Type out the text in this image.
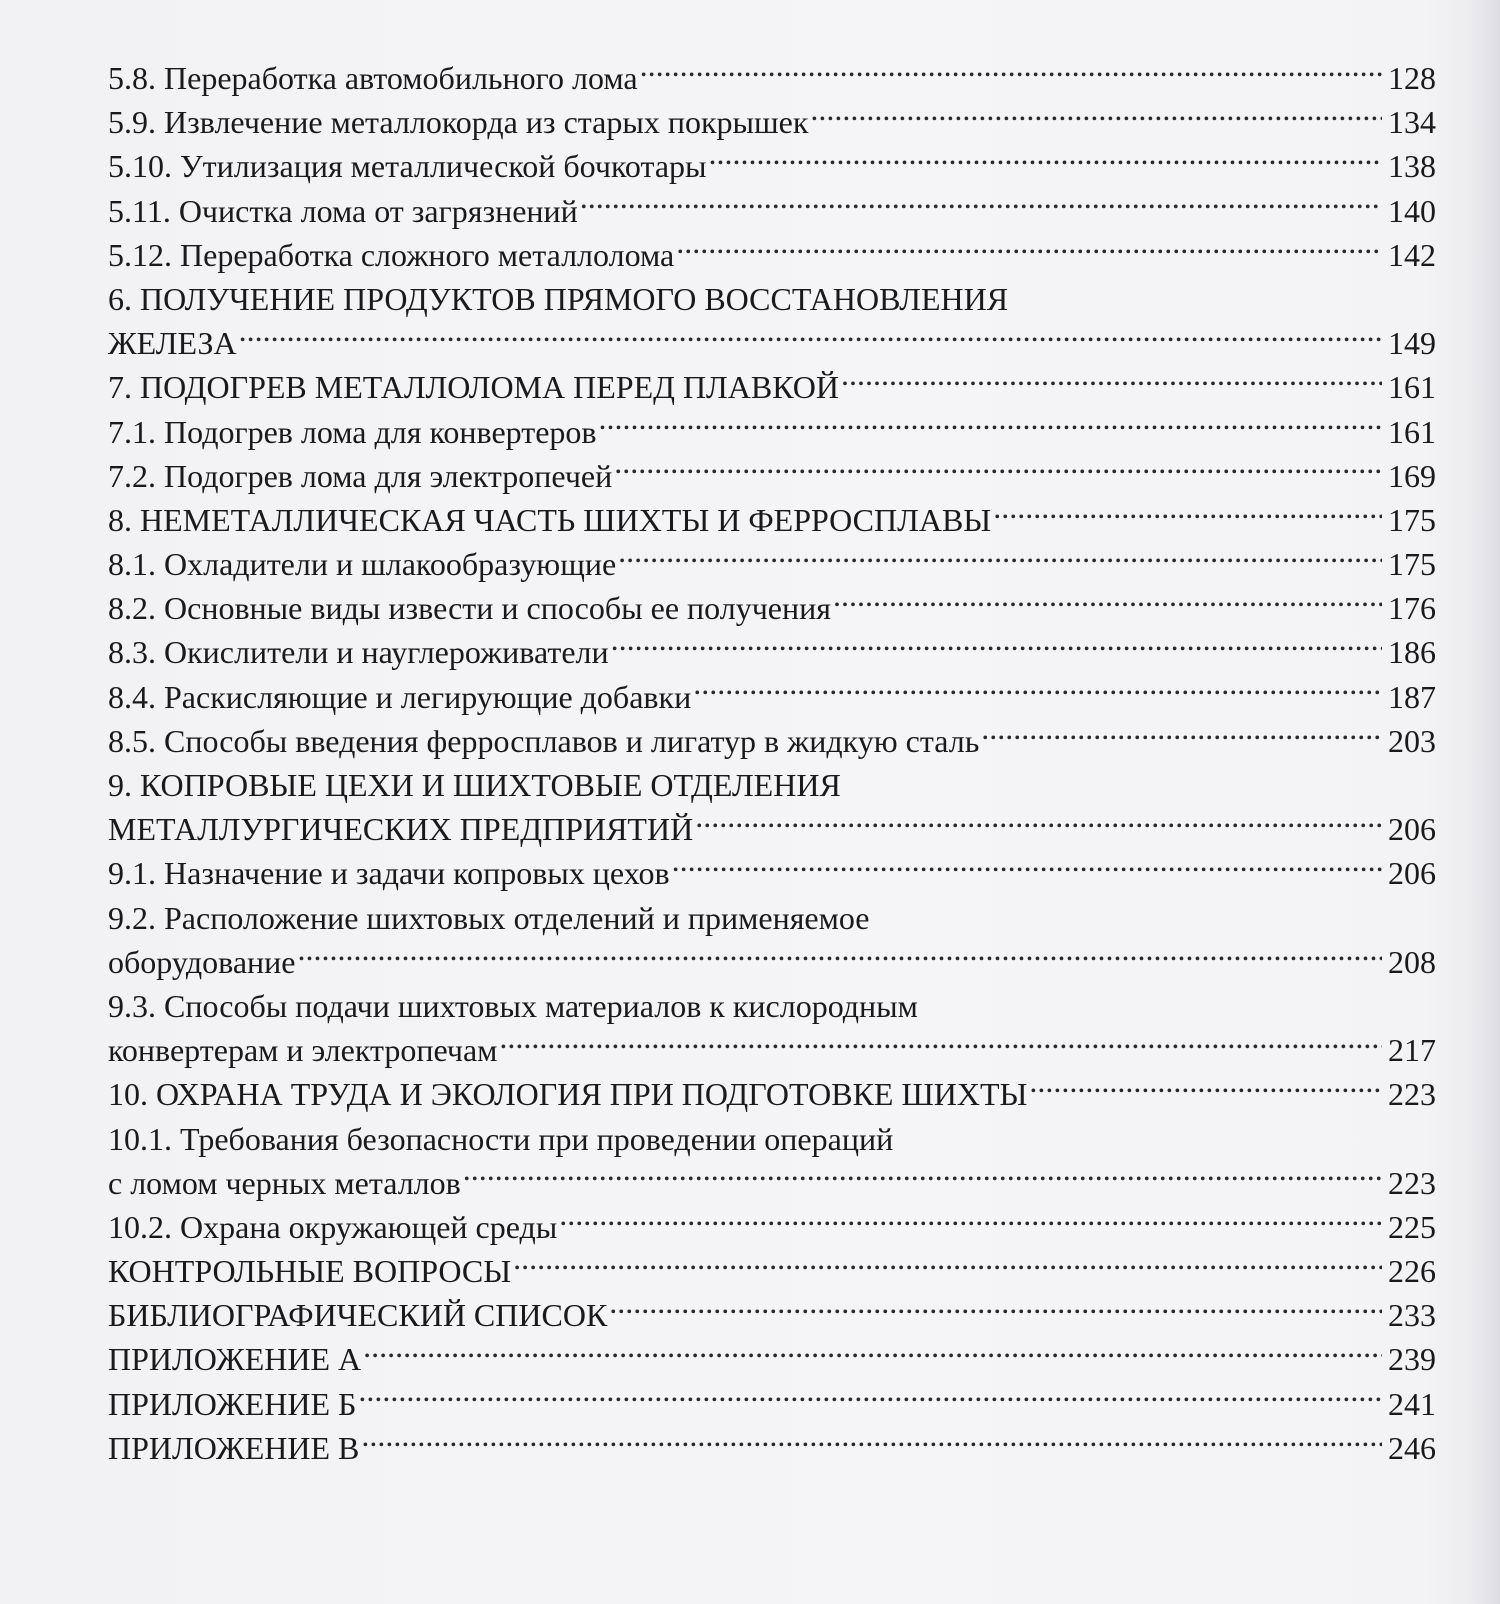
5.8. Переработка автомобильного лома .....	128
5.9. Извлечение металлокорда из старых покрышек .....	134
5.10. Утилизация металлической бочкотары .....	138
5.11. Очистка лома от загрязнений .....	140
5.12. Переработка сложного металлолома .....	142
6. ПОЛУЧЕНИЕ ПРОДУКТОВ ПРЯМОГО ВОССТАНОВЛЕНИЯ
ЖЕЛЕЗА .....	149
7. ПОДОГРЕВ МЕТАЛЛОЛОМА ПЕРЕД ПЛАВКОЙ .....	161
7.1. Подогрев лома для конвертеров .....	161
7.2. Подогрев лома для электропечей .....	169
8. НЕМЕТАЛЛИЧЕСКАЯ ЧАСТЬ ШИХТЫ И ФЕРРОСПЛАВЫ .....	175
8.1. Охладители и шлакообразующие .....	175
8.2. Основные виды извести и способы ее получения .....	176
8.3. Окислители и науглероживатели .....	186
8.4. Раскисляющие и легирующие добавки .....	187
8.5. Способы введения ферросплавов и лигатур в жидкую сталь .....	203
9. КОПРОВЫЕ ЦЕХИ И ШИХТОВЫЕ ОТДЕЛЕНИЯ
МЕТАЛЛУРГИЧЕСКИХ ПРЕДПРИЯТИЙ .....	206
9.1. Назначение и задачи копровых цехов .....	206
9.2. Расположение шихтовых отделений и применяемое
оборудование .....	208
9.3. Способы подачи шихтовых материалов к кислородным
конвертерам и электропечам .....	217
10. ОХРАНА ТРУДА И ЭКОЛОГИЯ ПРИ ПОДГОТОВКЕ ШИХТЫ .....	223
10.1. Требования безопасности при проведении операций
с ломом черных металлов .....	223
10.2. Охрана окружающей среды .....	225
КОНТРОЛЬНЫЕ ВОПРОСЫ .....	226
БИБЛИОГРАФИЧЕСКИЙ СПИСОК .....	233
ПРИЛОЖЕНИЕ А .....	239
ПРИЛОЖЕНИЕ Б .....	241
ПРИЛОЖЕНИЕ В .....	246
